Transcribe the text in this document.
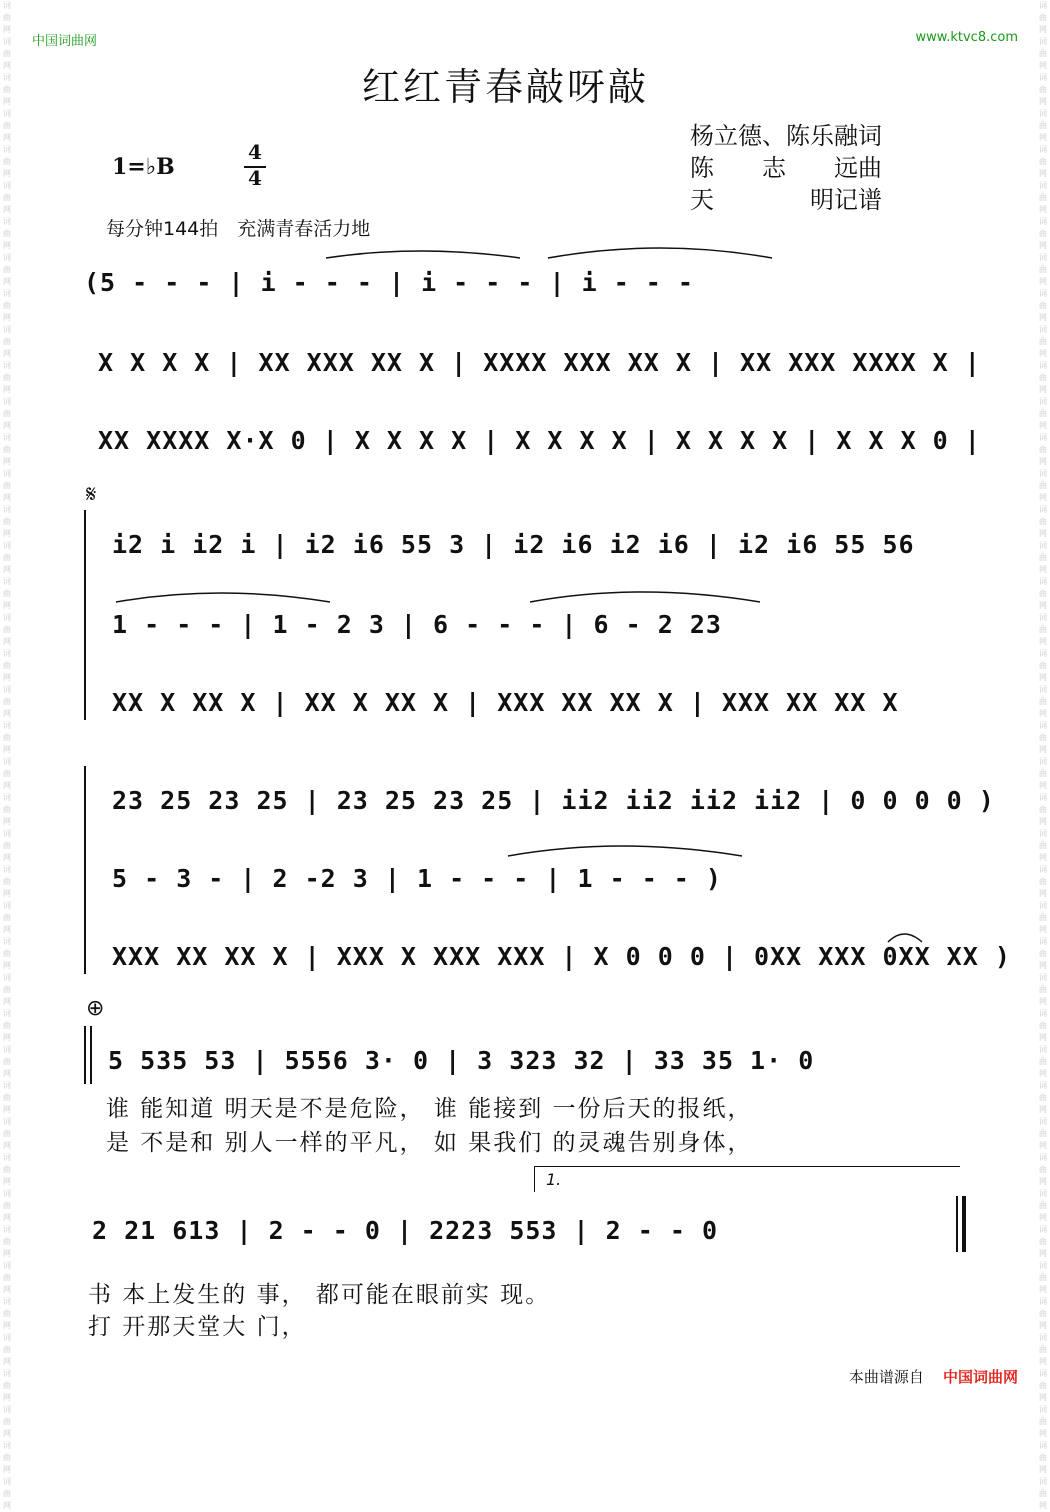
词曲网
词曲网
词曲网
词曲网
词曲网
词曲网
词曲网
词曲网
词曲网
词曲网
词曲网
词曲网
词曲网
词曲网
词曲网
词曲网
词曲网
词曲网
词曲网
词曲网
词曲网
词曲网
词曲网
词曲网
词曲网
词曲网
词曲网
词曲网
词曲网
词曲网
词曲网
词曲网
词曲网
词曲网
词曲网
词曲网
词曲网
词曲网
词曲网
词曲网
词曲网
词曲网
词曲网
词曲网
词曲网
词曲网
词曲网
词曲网
词曲网
词曲网
词曲网
词曲网
词曲网
词曲网
词曲网
词曲网
词曲网
词曲网
词曲网
词曲网
词曲网
词曲网
词曲网
词曲网
词曲网
词曲网
词曲网
词曲网
词曲网
词曲网
词曲网
词曲网
词曲网
词曲网
词曲网
词曲网
词曲网
词曲网
词曲网
词曲网
词曲网
词曲网
词曲网
词曲网
中国词曲网	www.ktvc8.com
红红青春敲呀敲
杨立德、陈乐融词
陈　　志　　远曲
天　　　　明记谱
1=♭B
4
4
每分钟144拍　充满青春活力地
(5 - - - | i - - - | i - - - | i - - -
X X X X | XX XXX XX X | XXXX XXX XX X | XX XXX XXXX X |
XX XXXX X·X 0 | X X X X | X X X X | X X X X | X X X 0 |
𝄋
i2 i i2 i | i2 i6 55 3 | i2 i6 i2 i6 | i2 i6 55 56
1 - - - | 1 - 2 3 | 6 - - - | 6 - 2 23
XX X XX X | XX X XX X | XXX XX XX X | XXX XX XX X
23 25 23 25 | 23 25 23 25 | ii2 ii2 ii2 ii2 | 0 0 0 0 )
5 - 3 - | 2 -2 3 | 1 - - - | 1 - - - )
XXX XX XX X | XXX X XXX XXX | X 0 0 0 | 0XX XXX 0XX XX )
⊕
5 535 53 | 5556 3· 0 | 3 323 32 | 33 35 1· 0
谁 能知道 明天是不是危险， 谁 能接到 一份后天的报纸，
是 不是和 别人一样的平凡， 如 果我们 的灵魂告别身体，
1.
2 21 613 | 2 - - 0 | 2223 553 | 2 - - 0
书 本上发生的 事， 都可能在眼前实 现。
打 开那天堂大 门，
本曲谱源自 中国词曲网
